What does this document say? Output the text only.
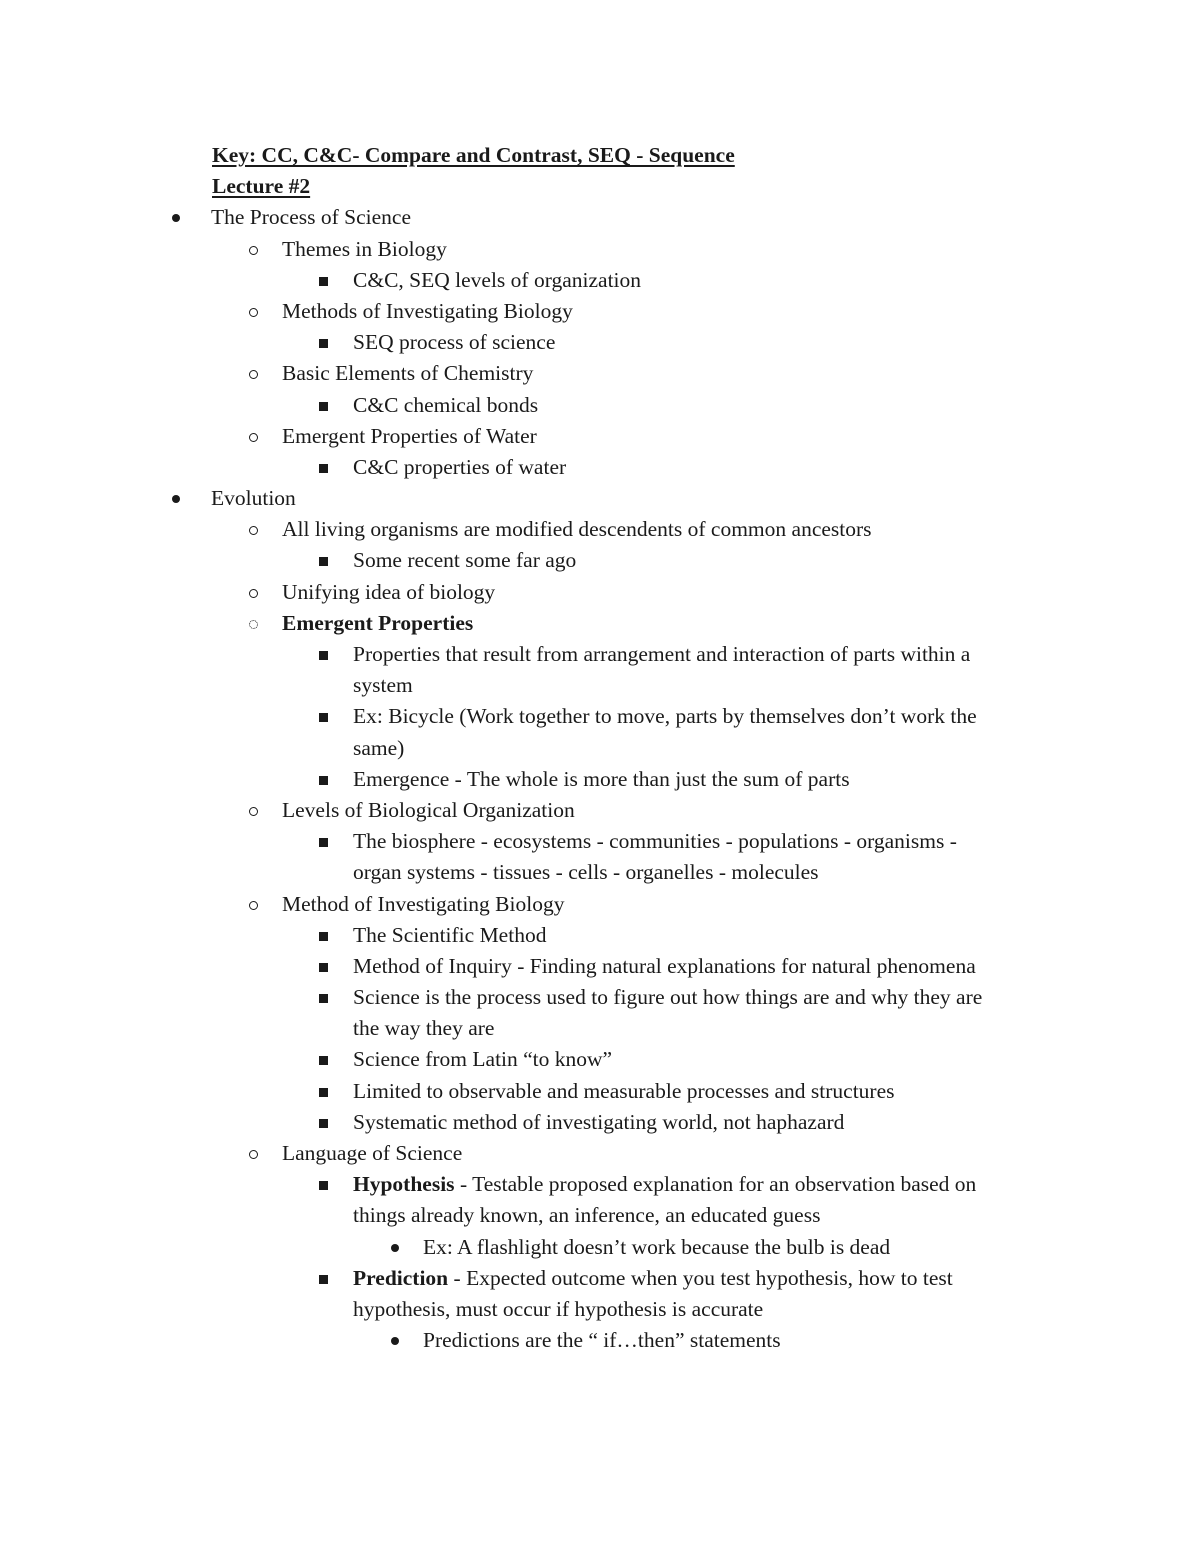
Key: CC, C&C- Compare and Contrast, SEQ - Sequence
Lecture #2
The Process of Science
Themes in Biology
C&C, SEQ levels of organization
Methods of Investigating Biology
SEQ process of science
Basic Elements of Chemistry
C&C chemical bonds
Emergent Properties of Water
C&C properties of water
Evolution
All living organisms are modified descendents of common ancestors
Some recent some far ago
Unifying idea of biology
Emergent Properties
Properties that result from arrangement and interaction of parts within a
system
Ex: Bicycle (Work together to move, parts by themselves don’t work the
same)
Emergence - The whole is more than just the sum of parts
Levels of Biological Organization
The biosphere - ecosystems - communities - populations - organisms -
organ systems - tissues - cells - organelles - molecules
Method of Investigating Biology
The Scientific Method
Method of Inquiry - Finding natural explanations for natural phenomena
Science is the process used to figure out how things are and why they are
the way they are
Science from Latin “to know”
Limited to observable and measurable processes and structures
Systematic method of investigating world, not haphazard
Language of Science
Hypothesis - Testable proposed explanation for an observation based on
things already known, an inference, an educated guess
Ex: A flashlight doesn’t work because the bulb is dead
Prediction - Expected outcome when you test hypothesis, how to test
hypothesis, must occur if hypothesis is accurate
Predictions are the “ if…then” statements
